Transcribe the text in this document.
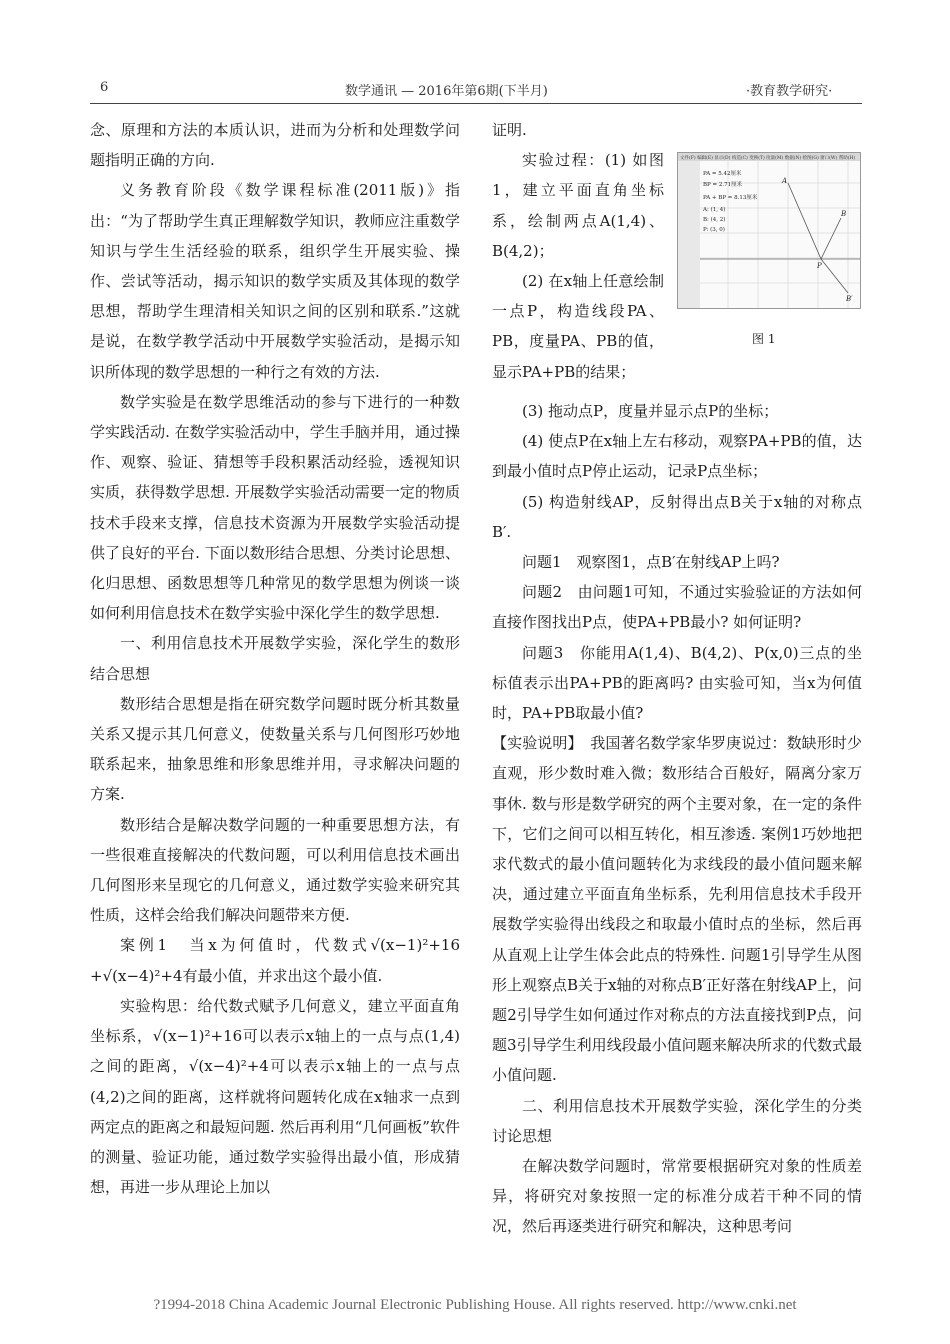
6	数学通讯 — 2016年第6期(下半月)	·教育教学研究·

念、原理和方法的本质认识，进而为分析和处理数学问题指明正确的方向.

义务教育阶段《数学课程标准(2011版)》指出：“为了帮助学生真正理解数学知识，教师应注重数学知识与学生生活经验的联系，组织学生开展实验、操作、尝试等活动，揭示知识的数学实质及其体现的数学思想，帮助学生理清相关知识之间的区别和联系.”这就是说，在数学教学活动中开展数学实验活动，是揭示知识所体现的数学思想的一种行之有效的方法.

数学实验是在数学思维活动的参与下进行的一种数学实践活动. 在数学实验活动中，学生手脑并用，通过操作、观察、验证、猜想等手段积累活动经验，透视知识实质，获得数学思想. 开展数学实验活动需要一定的物质技术手段来支撑，信息技术资源为开展数学实验活动提供了良好的平台. 下面以数形结合思想、分类讨论思想、化归思想、函数思想等几种常见的数学思想为例谈一谈如何利用信息技术在数学实验中深化学生的数学思想.

一、利用信息技术开展数学实验，深化学生的数形结合思想

数形结合思想是指在研究数学问题时既分析其数量关系又提示其几何意义，使数量关系与几何图形巧妙地联系起来，抽象思维和形象思维并用，寻求解决问题的方案.

数形结合是解决数学问题的一种重要思想方法，有一些很难直接解决的代数问题，可以利用信息技术画出几何图形来呈现它的几何意义，通过数学实验来研究其性质，这样会给我们解决问题带来方便.

案例1　当x为何值时，代数式√(x−1)²+16 +√(x−4)²+4有最小值，并求出这个最小值.

实验构思：给代数式赋予几何意义，建立平面直角坐标系，√(x−1)²+16可以表示x轴上的一点与点(1,4)之间的距离，√(x−4)²+4可以表示x轴上的一点与点(4,2)之间的距离，这样就将问题转化成在x轴求一点到两定点的距离之和最短问题. 然后再利用“几何画板”软件的测量、验证功能，通过数学实验得出最小值，形成猜想，再进一步从理论上加以

证明.

实验过程：(1) 如图1，建立平面直角坐标系，绘制两点A(1,4)、B(4,2)；

(2) 在x轴上任意绘制一点P，构造线段PA、PB，度量PA、PB的值，显示PA+PB的结果；

文件(F) 编辑(E) 显示(D) 构造(C) 变换(T) 度量(M) 数据(N) 绘图(G) 窗口(W) 帮助(H)
PA = 5.42厘米
BP = 2.71厘米
PA + BP = 8.13厘米
A: (1, 4)
B: (4, 2)
P: (3, 0)
A
B
P
B′
图 1

(3) 拖动点P，度量并显示点P的坐标；

(4) 使点P在x轴上左右移动，观察PA+PB的值，达到最小值时点P停止运动，记录P点坐标；

(5) 构造射线AP，反射得出点B关于x轴的对称点B′.

问题1　观察图1，点B′在射线AP上吗?

问题2　由问题1可知，不通过实验验证的方法如何直接作图找出P点，使PA+PB最小? 如何证明?

问题3　你能用A(1,4)、B(4,2)、P(x,0)三点的坐标值表示出PA+PB的距离吗? 由实验可知，当x为何值时，PA+PB取最小值?

【实验说明】　我国著名数学家华罗庚说过：数缺形时少直观，形少数时难入微；数形结合百般好，隔离分家万事休. 数与形是数学研究的两个主要对象，在一定的条件下，它们之间可以相互转化，相互渗透. 案例1巧妙地把求代数式的最小值问题转化为求线段的最小值问题来解决，通过建立平面直角坐标系，先利用信息技术手段开展数学实验得出线段之和取最小值时点的坐标，然后再从直观上让学生体会此点的特殊性. 问题1引导学生从图形上观察点B关于x轴的对称点B′正好落在射线AP上，问题2引导学生如何通过作对称点的方法直接找到P点，问题3引导学生利用线段最小值问题来解决所求的代数式最小值问题.

二、利用信息技术开展数学实验，深化学生的分类讨论思想

在解决数学问题时，常常要根据研究对象的性质差异，将研究对象按照一定的标准分成若干种不同的情况，然后再逐类进行研究和解决，这种思考问

?1994-2018 China Academic Journal Electronic Publishing House. All rights reserved. http://www.cnki.net
